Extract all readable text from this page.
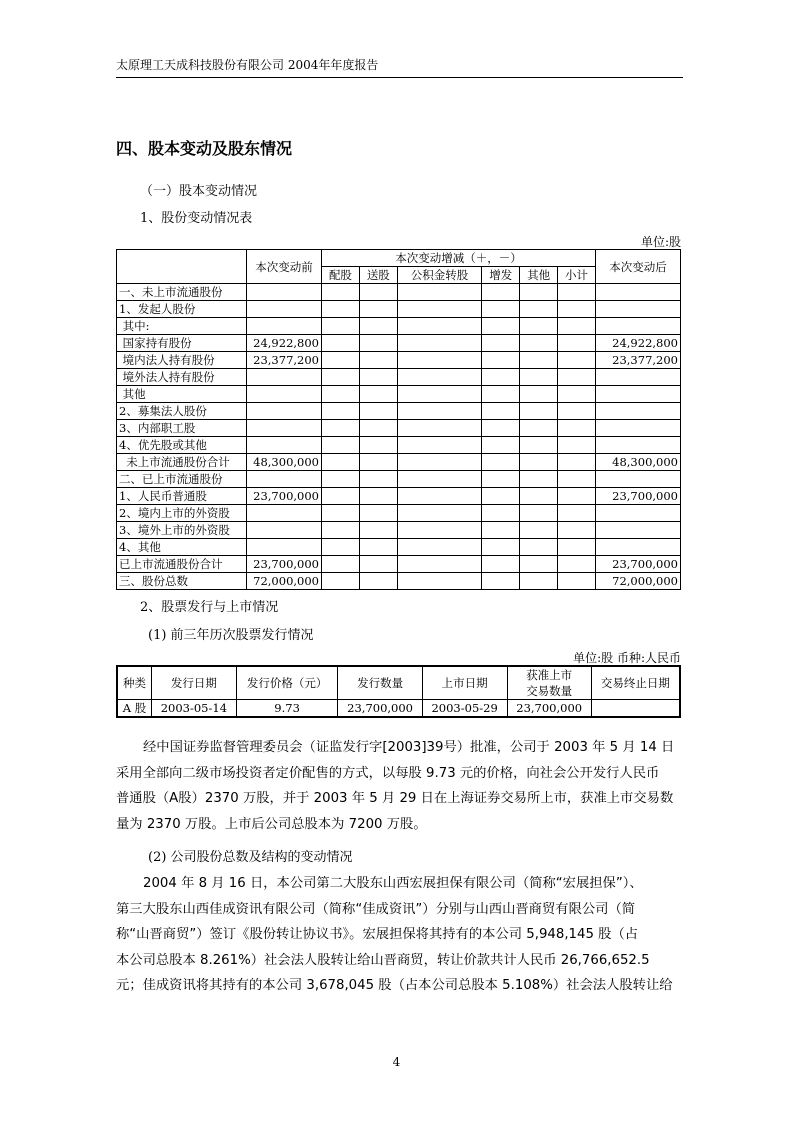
太原理工天成科技股份有限公司 2004年年度报告
四、股本变动及股东情况
（一）股本变动情况
1、股份变动情况表
单位:股
	本次变动前	本次变动增减（＋，－）						本次变动后
		配股	送股	公积金转股	增发	其他	小计	
一、未上市流通股份								
1、发起人股份								
其中:								
国家持有股份	24,922,800							24,922,800
境内法人持有股份	23,377,200							23,377,200
境外法人持有股份								
其他								
2、募集法人股份								
3、内部职工股								
4、优先股或其他								
未上市流通股份合计	48,300,000							48,300,000
二、已上市流通股份								
1、人民币普通股	23,700,000							23,700,000
2、境内上市的外资股								
3、境外上市的外资股								
4、其他								
已上市流通股份合计	23,700,000							23,700,000
三、股份总数	72,000,000							72,000,000
2、股票发行与上市情况
(1) 前三年历次股票发行情况
单位:股 币种:人民币
种类	发行日期	发行价格（元）	发行数量	上市日期	获准上市
交易数量	交易终止日期
A 股	2003-05-14	9.73	23,700,000	2003-05-29	23,700,000	
经中国证券监督管理委员会（证监发行字[2003]39号）批准，公司于 2003 年 5 月 14 日
采用全部向二级市场投资者定价配售的方式，以每股 9.73 元的价格，向社会公开发行人民币
普通股（A股）2370 万股，并于 2003 年 5 月 29 日在上海证券交易所上市，获准上市交易数
量为 2370 万股。上市后公司总股本为 7200 万股。
(2) 公司股份总数及结构的变动情况
2004 年 8 月 16 日，本公司第二大股东山西宏展担保有限公司（简称“宏展担保”）、
第三大股东山西佳成资讯有限公司（简称“佳成资讯”）分别与山西山晋商贸有限公司（简
称“山晋商贸”）签订《股份转让协议书》。宏展担保将其持有的本公司 5,948,145 股（占
本公司总股本 8.261%）社会法人股转让给山晋商贸，转让价款共计人民币 26,766,652.5
元；佳成资讯将其持有的本公司 3,678,045 股（占本公司总股本 5.108%）社会法人股转让给
4
